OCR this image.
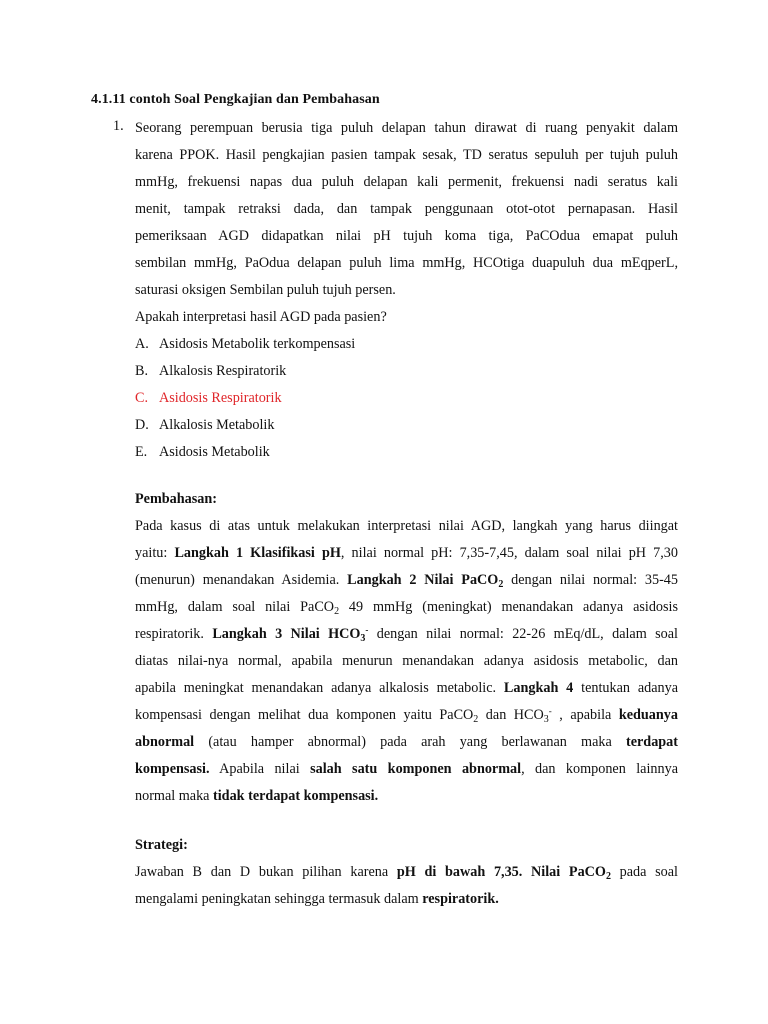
4.1.11 contoh Soal Pengkajian dan Pembahasan
1. Seorang perempuan berusia tiga puluh delapan tahun dirawat di ruang penyakit dalam
karena PPOK. Hasil pengkajian pasien tampak sesak, TD seratus sepuluh per tujuh puluh
mmHg, frekuensi napas dua puluh delapan kali permenit, frekuensi nadi seratus kali
menit, tampak retraksi dada, dan tampak penggunaan otot-otot pernapasan. Hasil
pemeriksaan AGD didapatkan nilai pH tujuh koma tiga, PaCOdua emapat puluh
sembilan mmHg, PaOdua delapan puluh lima mmHg, HCOtiga duapuluh dua mEqperL,
saturasi oksigen Sembilan puluh tujuh persen.
Apakah interpretasi hasil AGD pada pasien?
A. Asidosis Metabolik terkompensasi
B. Alkalosis Respiratorik
C. Asidosis Respiratorik
D. Alkalosis Metabolik
E. Asidosis Metabolik
Pembahasan:
Pada kasus di atas untuk melakukan interpretasi nilai AGD, langkah yang harus diingat
yaitu: Langkah 1 Klasifikasi pH, nilai normal pH: 7,35-7,45, dalam soal nilai pH 7,30
(menurun) menandakan Asidemia. Langkah 2 Nilai PaCO$_2$ dengan nilai normal: 35-45
mmHg, dalam soal nilai PaCO$_2$ 49 mmHg (meningkat) menandakan adanya asidosis
respiratorik. Langkah 3 Nilai $HCO_3^-$ dengan nilai normal: 22-26 mEq/dL, dalam soal
diatas nilai-nya normal, apabila menurun menandakan adanya asidosis metabolic, dan
apabila meningkat menandakan adanya alkalosis metabolic. Langkah 4 tentukan adanya
kompensasi dengan melihat dua komponen yaitu PaCO$_2$ dan $HCO_3^-$ , apabila keduanya
abnormal (atau hamper abnormal) pada arah yang berlawanan maka terdapat
kompensasi. Apabila nilai salah satu komponen abnormal, dan komponen lainnya
normal maka tidak terdapat kompensasi.
Strategi:
Jawaban B dan D bukan pilihan karena pH di bawah 7,35. Nilai PaCO$_2$ pada soal
mengalami peningkatan sehingga termasuk dalam respiratorik.
